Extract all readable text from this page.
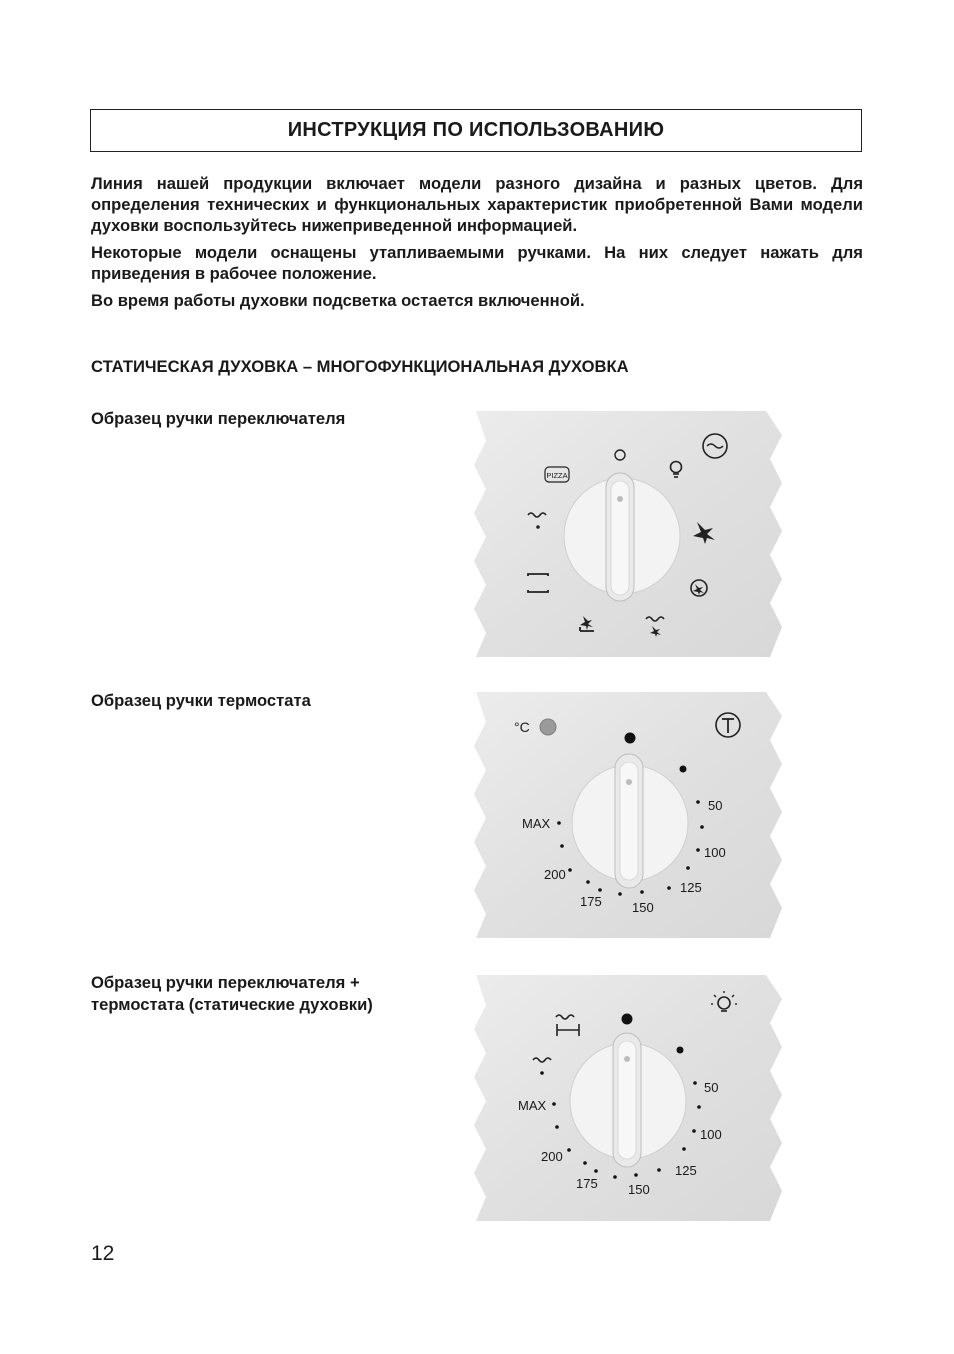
ИНСТРУКЦИЯ ПО ИСПОЛЬЗОВАНИЮ

Линия нашей продукции включает модели разного дизайна и разных цветов. Для определения технических и функциональных характеристик приобретенной Вами модели духовки воспользуйтесь нижеприведенной информацией.

Некоторые модели оснащены утапливаемыми ручками. На них следует нажать для приведения в рабочее положение.

Во время работы духовки подсветка остается включенной.

СТАТИЧЕСКАЯ ДУХОВКА – МНОГОФУНКЦИОНАЛЬНАЯ ДУХОВКА
Образец ручки переключателя
PIZZA
Образец ручки термостата
°C
50
100
125
150
175
200
MAX
Образец ручки переключателя +
термостата (статические духовки)
50
100
125
150
175
200
MAX
12
